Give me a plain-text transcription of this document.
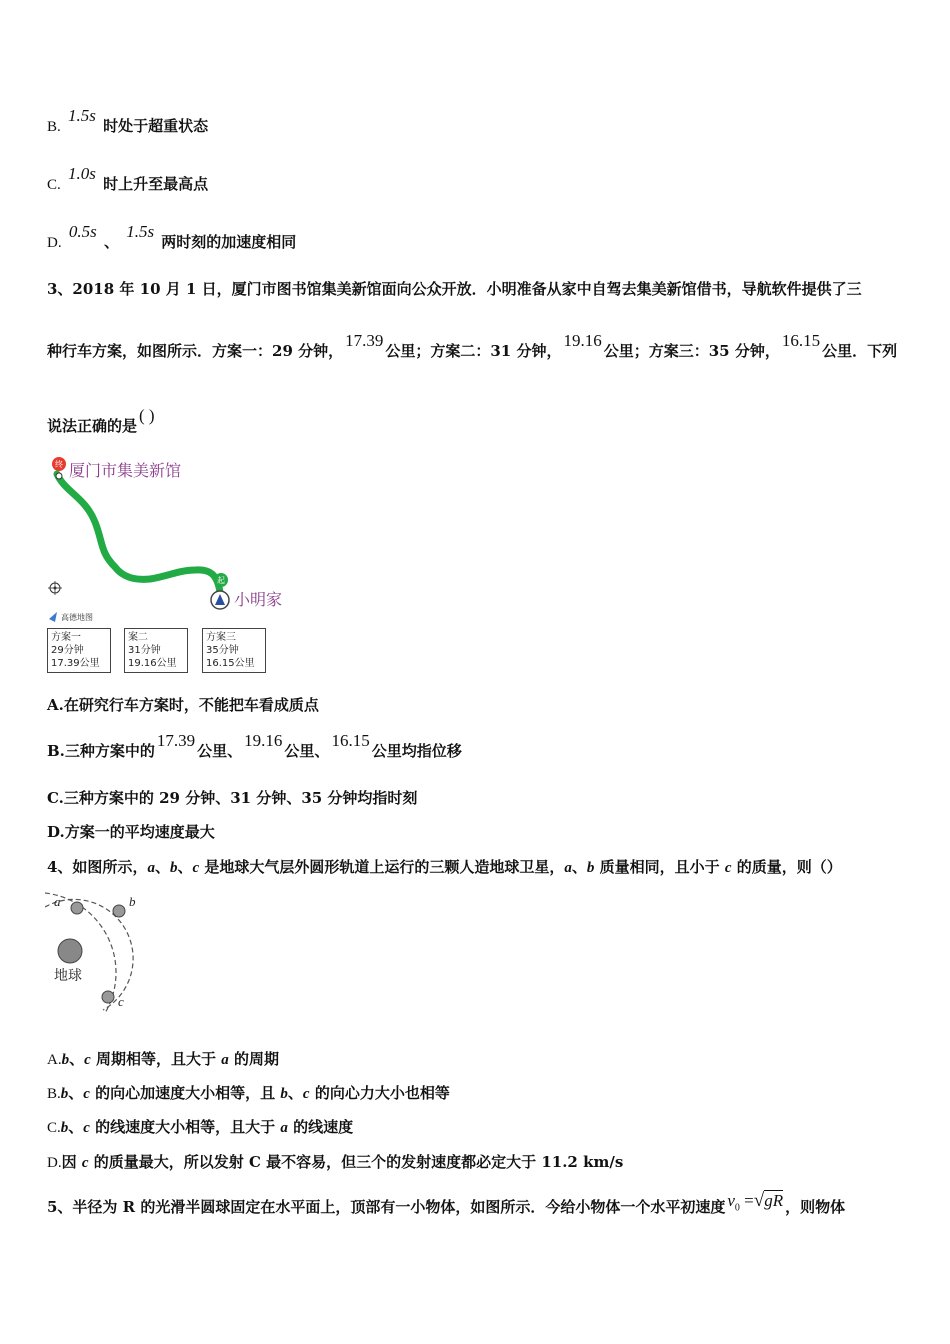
B. 1.5s 时处于超重状态
C. 1.0s 时上升至最高点
D. 0.5s 、 1.5s 两时刻的加速度相同
3、2018 年 10 月 1 日，厦门市图书馆集美新馆面向公众开放．小明准备从家中自驾去集美新馆借书，导航软件提供了三
种行车方案，如图所示．方案一：29 分钟，17.39公里；方案二：31 分钟，19.16公里；方案三：35 分钟，16.15公里．下列
说法正确的是( )
终 厦门市集美新馆
起
小明家
高德地图
方案一
29分钟
17.39公里
案二
31分钟
19.16公里
方案三
35分钟
16.15公里
A.在研究行车方案时，不能把车看成质点
B.三种方案中的17.39公里、19.16公里、16.15公里均指位移
C.三种方案中的 29 分钟、31 分钟、35 分钟均指时刻
D.方案一的平均速度最大
4、如图所示，a、b、c 是地球大气层外圆形轨道上运行的三颗人造地球卫星，a、b 质量相同，且小于 c 的质量，则（）
地球
a	b
c
A.b、c 周期相等，且大于 a 的周期
B.b、c 的向心加速度大小相等，且 b、c 的向心力大小也相等
C.b、c 的线速度大小相等，且大于 a 的线速度
D.因 c 的质量最大，所以发射 C 最不容易，但三个的发射速度都必定大于 11.2 km/s
5、半径为 R 的光滑半圆球固定在水平面上，顶部有一小物体，如图所示．今给小物体一个水平初速度 $v_0 =√gR$ ，则物体
